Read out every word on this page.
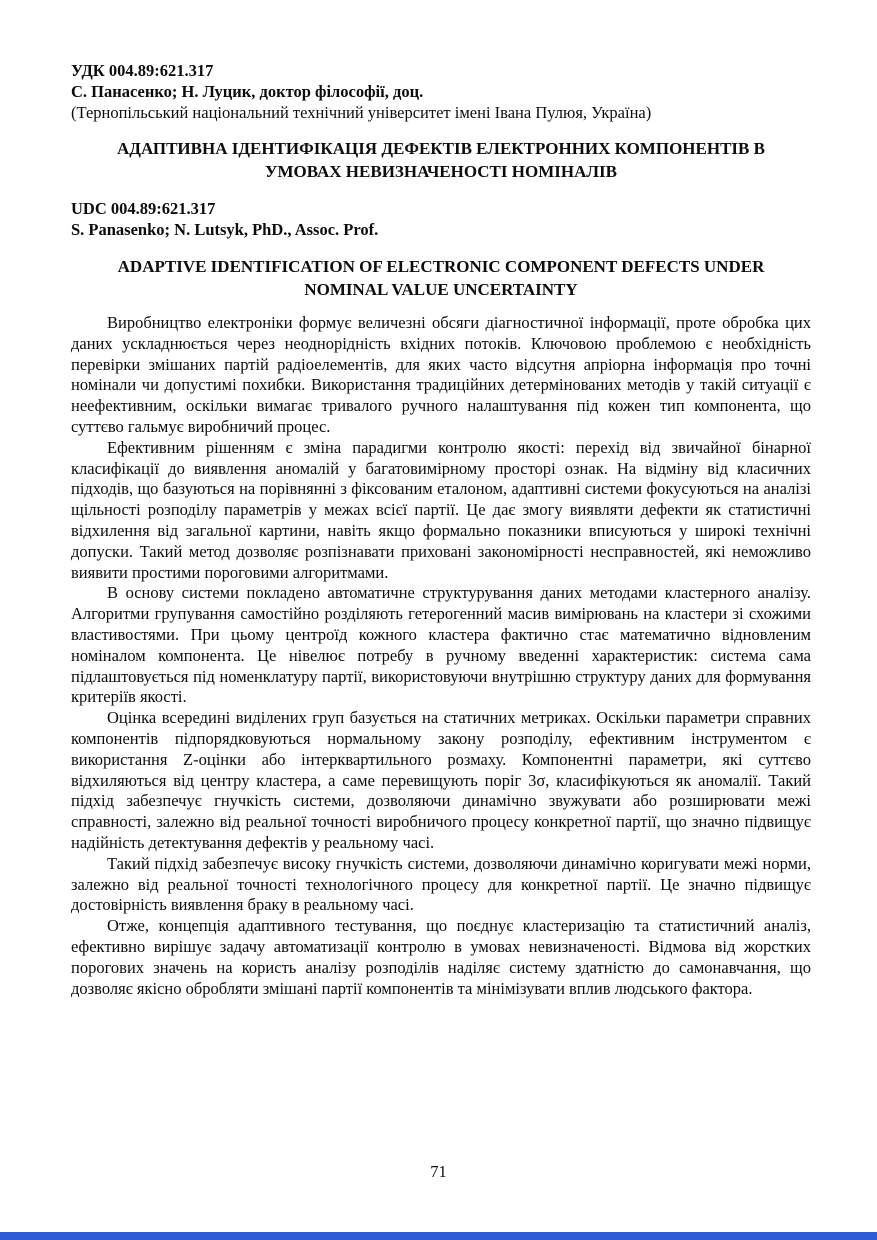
УДК 004.89:621.317
С. Панасенко; Н. Луцик, доктор філософії, доц.
(Тернопільський національний технічний університет імені Івана Пулюя, Україна)
АДАПТИВНА ІДЕНТИФІКАЦІЯ ДЕФЕКТІВ ЕЛЕКТРОННИХ КОМПОНЕНТІВ В
УМОВАХ НЕВИЗНАЧЕНОСТІ НОМІНАЛІВ
UDC 004.89:621.317
S. Panasenko; N. Lutsyk, PhD., Assoc. Prof.
ADAPTIVE IDENTIFICATION OF ELECTRONIC COMPONENT DEFECTS UNDER
NOMINAL VALUE UNCERTAINTY

Виробництво електроніки формує величезні обсяги діагностичної інформації, проте обробка цих даних ускладнюється через неоднорідність вхідних потоків. Ключовою проблемою є необхідність перевірки змішаних партій радіоелементів, для яких часто відсутня апріорна інформація про точні номінали чи допустимі похибки. Використання традиційних детермінованих методів у такій ситуації є неефективним, оскільки вимагає тривалого ручного налаштування під кожен тип компонента, що суттєво гальмує виробничий процес.

Ефективним рішенням є зміна парадигми контролю якості: перехід від звичайної бінарної класифікації до виявлення аномалій у багатовимірному просторі ознак. На відміну від класичних підходів, що базуються на порівнянні з фіксованим еталоном, адаптивні системи фокусуються на аналізі щільності розподілу параметрів у межах всієї партії. Це дає змогу виявляти дефекти як статистичні відхилення від загальної картини, навіть якщо формально показники вписуються у широкі технічні допуски. Такий метод дозволяє розпізнавати приховані закономірності несправностей, які неможливо виявити простими пороговими алгоритмами.

В основу системи покладено автоматичне структурування даних методами кластерного аналізу. Алгоритми групування самостійно розділяють гетерогенний масив вимірювань на кластери зі схожими властивостями. При цьому центроїд кожного кластера фактично стає математично відновленим номіналом компонента. Це нівелює потребу в ручному введенні характеристик: система сама підлаштовується під номенклатуру партії, використовуючи внутрішню структуру даних для формування критеріїв якості.

Оцінка всередині виділених груп базується на статичних метриках. Оскільки параметри справних компонентів підпорядковуються нормальному закону розподілу, ефективним інструментом є використання Z-оцінки або інтерквартильного розмаху. Компонентні параметри, які суттєво відхиляються від центру кластера, а саме перевищують поріг 3σ, класифікуються як аномалії. Такий підхід забезпечує гнучкість системи, дозволяючи динамічно звужувати або розширювати межі справності, залежно від реальної точності виробничого процесу конкретної партії, що значно підвищує надійність детектування дефектів у реальному часі.

Такий підхід забезпечує високу гнучкість системи, дозволяючи динамічно коригувати межі норми, залежно від реальної точності технологічного процесу для конкретної партії. Це значно підвищує достовірність виявлення браку в реальному часі.

Отже, концепція адаптивного тестування, що поєднує кластеризацію та статистичний аналіз, ефективно вирішує задачу автоматизації контролю в умовах невизначеності. Відмова від жорстких порогових значень на користь аналізу розподілів наділяє систему здатністю до самонавчання, що дозволяє якісно обробляти змішані партії компонентів та мінімізувати вплив людського фактора.

71
